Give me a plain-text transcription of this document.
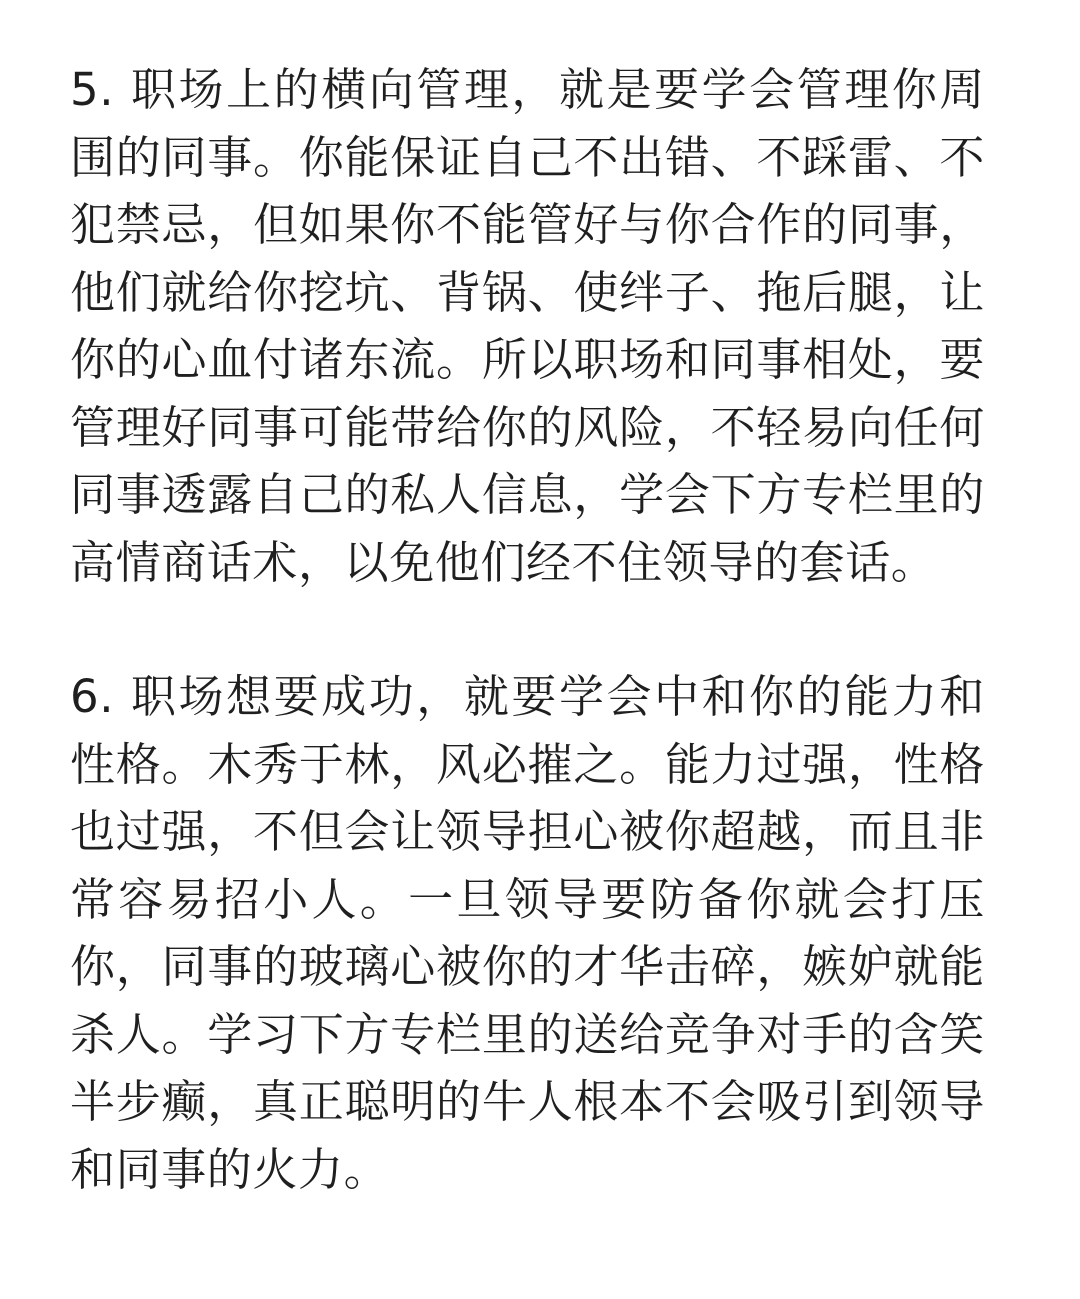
5. 职场上的横向管理，就是要学会管理你周围的同事。你能保证自己不出错、不踩雷、不犯禁忌，但如果你不能管好与你合作的同事，他们就给你挖坑、背锅、使绊子、拖后腿，让你的心血付诸东流。所以职场和同事相处，要管理好同事可能带给你的风险，不轻易向任何同事透露自己的私人信息，学会下方专栏里的高情商话术，以免他们经不住领导的套话。

6. 职场想要成功，就要学会中和你的能力和性格。木秀于林，风必摧之。能力过强，性格也过强，不但会让领导担心被你超越，而且非常容易招小人。一旦领导要防备你就会打压你，同事的玻璃心被你的才华击碎，嫉妒就能杀人。学习下方专栏里的送给竞争对手的含笑半步癫，真正聪明的牛人根本不会吸引到领导和同事的火力。
